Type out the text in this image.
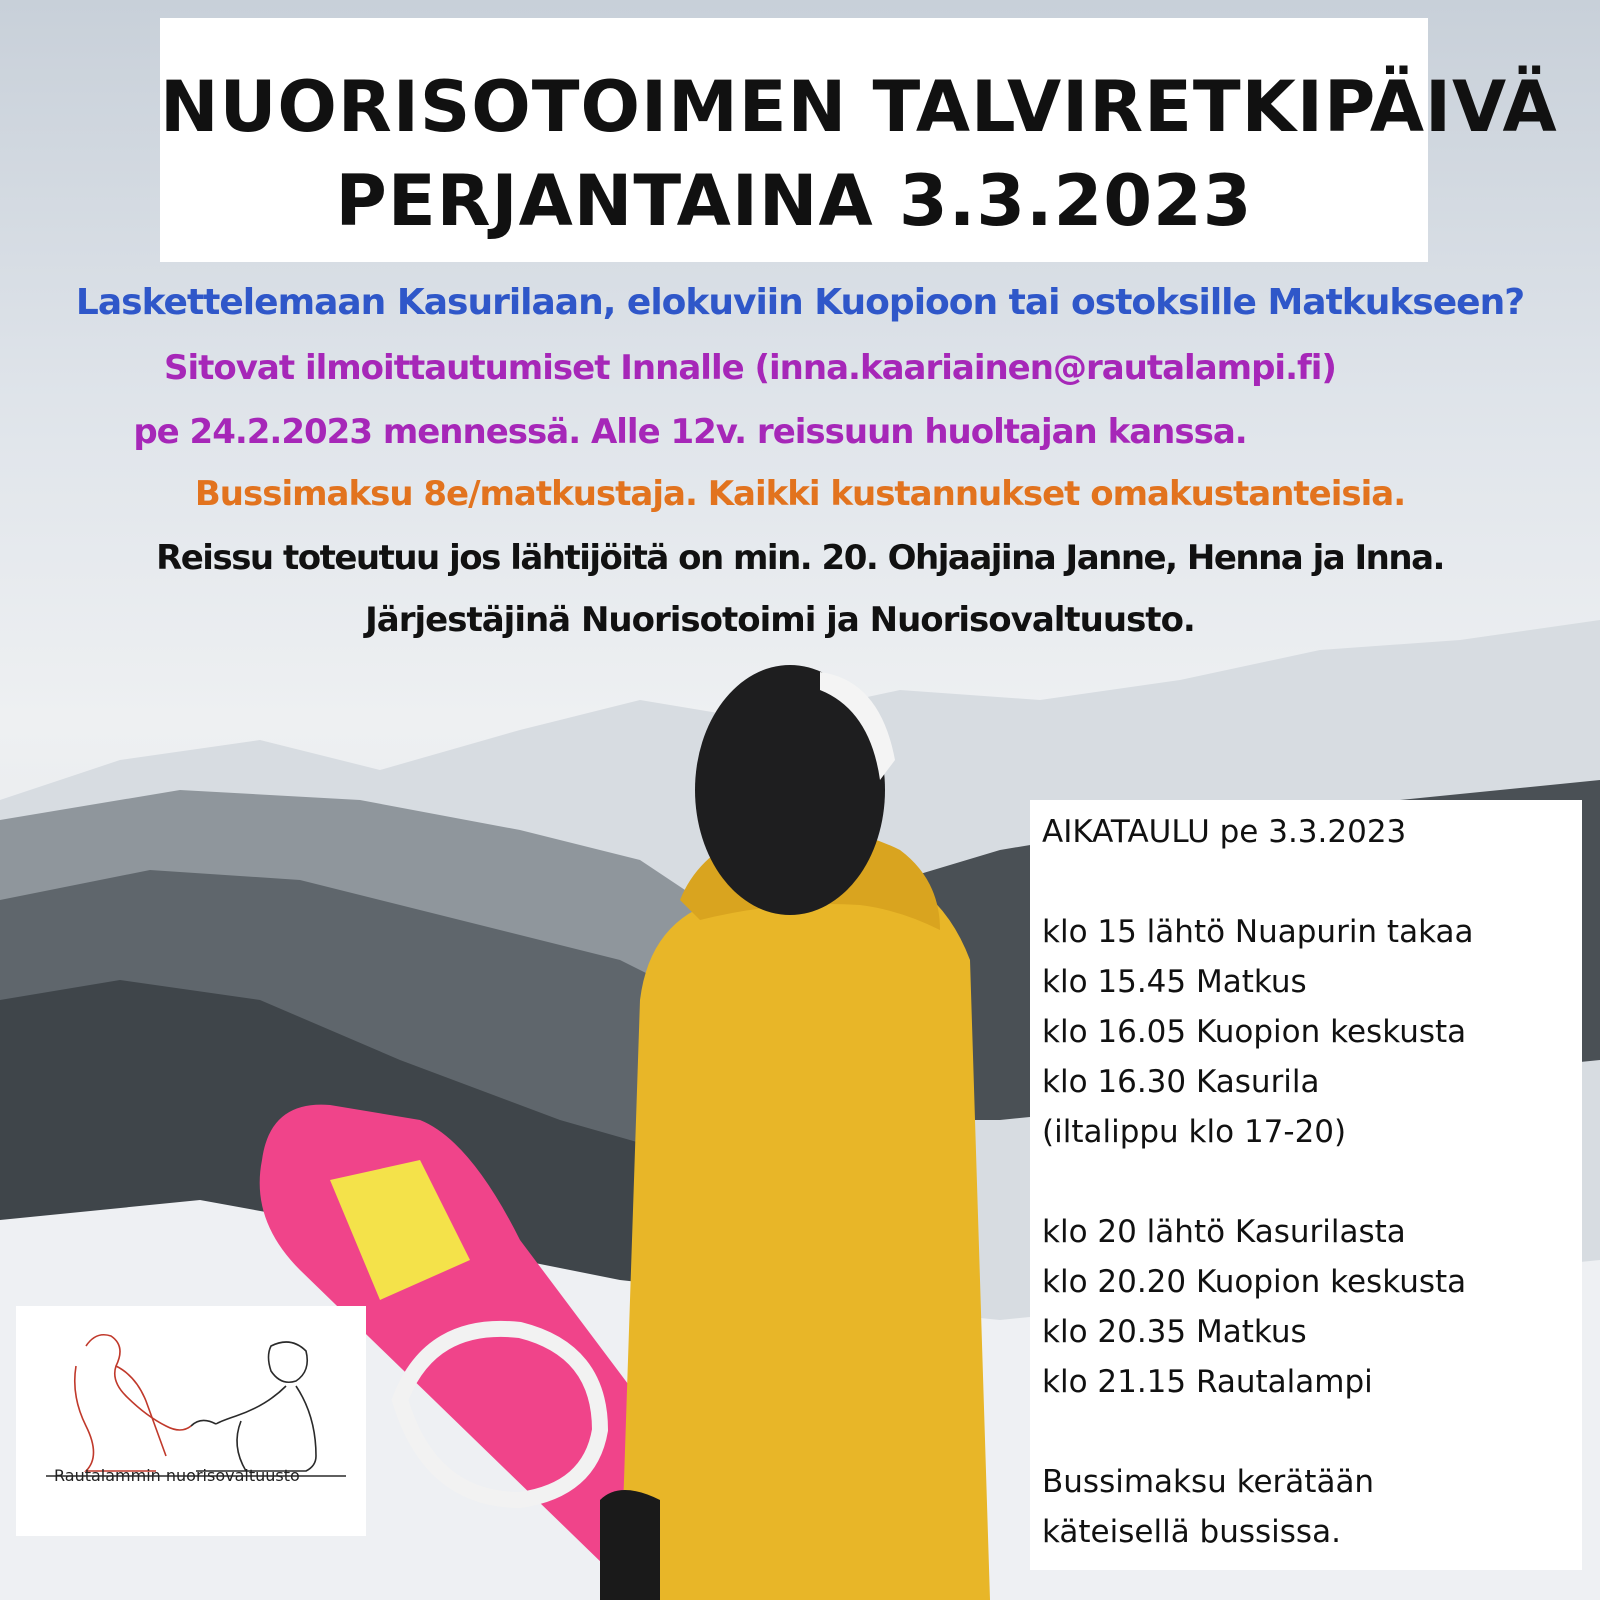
NUORISOTOIMEN TALVIRETKIPÄIVÄ
PERJANTAINA 3.3.2023
Laskettelemaan Kasurilaan, elokuviin Kuopioon tai ostoksille Matkukseen?
Sitovat ilmoittautumiset Innalle (inna.kaariainen@rautalampi.fi)
pe 24.2.2023 mennessä. Alle 12v. reissuun huoltajan kanssa.
Bussimaksu 8e/matkustaja. Kaikki kustannukset omakustanteisia.
Reissu toteutuu jos lähtijöitä on min. 20. Ohjaajina Janne, Henna ja Inna.
Järjestäjinä Nuorisotoimi ja Nuorisovaltuusto.
AIKATAULU pe 3.3.2023
klo 15 lähtö Nuapurin takaa
klo 15.45 Matkus
klo 16.05 Kuopion keskusta
klo 16.30 Kasurila
(iltalippu klo 17-20)
klo 20 lähtö Kasurilasta
klo 20.20 Kuopion keskusta
klo 20.35 Matkus
klo 21.15 Rautalampi
Bussimaksu kerätään
käteisellä bussissa.
Rautalammin nuorisovaltuusto
